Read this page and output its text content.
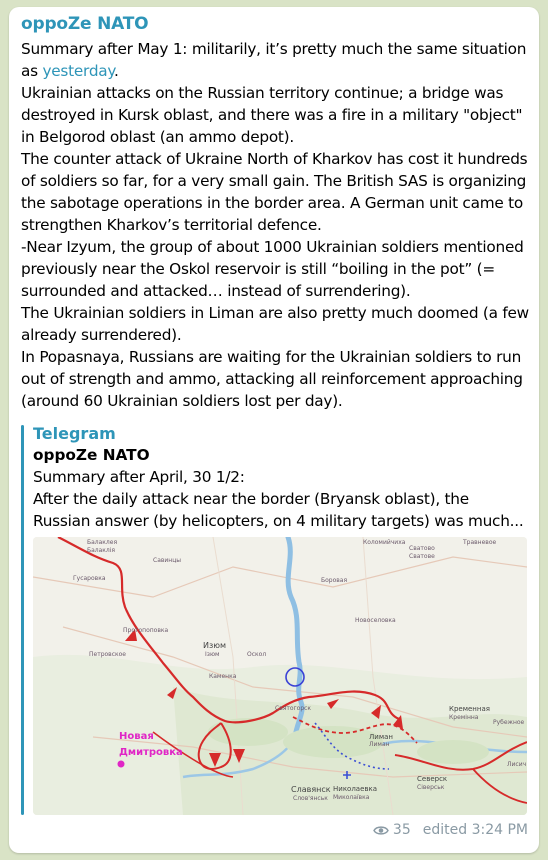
oppoZe NATO

Summary after May 1: militarily, it’s pretty much the same situation as yesterday.

Ukrainian attacks on the Russian territory continue; a bridge was destroyed in Kursk oblast, and there was a fire in a military "object" in Belgorod oblast (an ammo depot).

The counter attack of Ukraine North of Kharkov has cost it hundreds of soldiers so far, for a very small gain. The British SAS is organizing the sabotage operations in the border area. A German unit came to strengthen Kharkov’s territorial defence.

-Near Izyum, the group of about 1000 Ukrainian soldiers mentioned previously near the Oskol reservoir is still “boiling in the pot” (= surrounded and attacked… instead of surrendering).

The Ukrainian soldiers in Liman are also pretty much doomed (a few already surrendered).

In Popasnaya, Russians are waiting for the Ukrainian soldiers to run out of strength and ammo, attacking all reinforcement approaching (around 60 Ukrainian soldiers lost per day).

Telegram
oppoZe NATO
Summary after April, 30 1/2:
After the daily attack near the border (Bryansk oblast), the
Russian answer (by helicopters, on 4 military targets) was much...
Балаклея
Балаклія
Савинцы
Гусаровка	Боровая
Сватово
Сватове
Коломийчиха	Травневое
Протопоповка
Петровское
Изюм
Iзюм	Оскол
Каменка
Новоселовка
Святогорск
Лиман
Лиман
Кременная
Кремінна
Рубежное
Лисич
Славянск
Слов'янськ
Николаевка
Миколаївка
Северск
Сіверськ
Новая
Дмитровка
35 edited 3:24 PM
